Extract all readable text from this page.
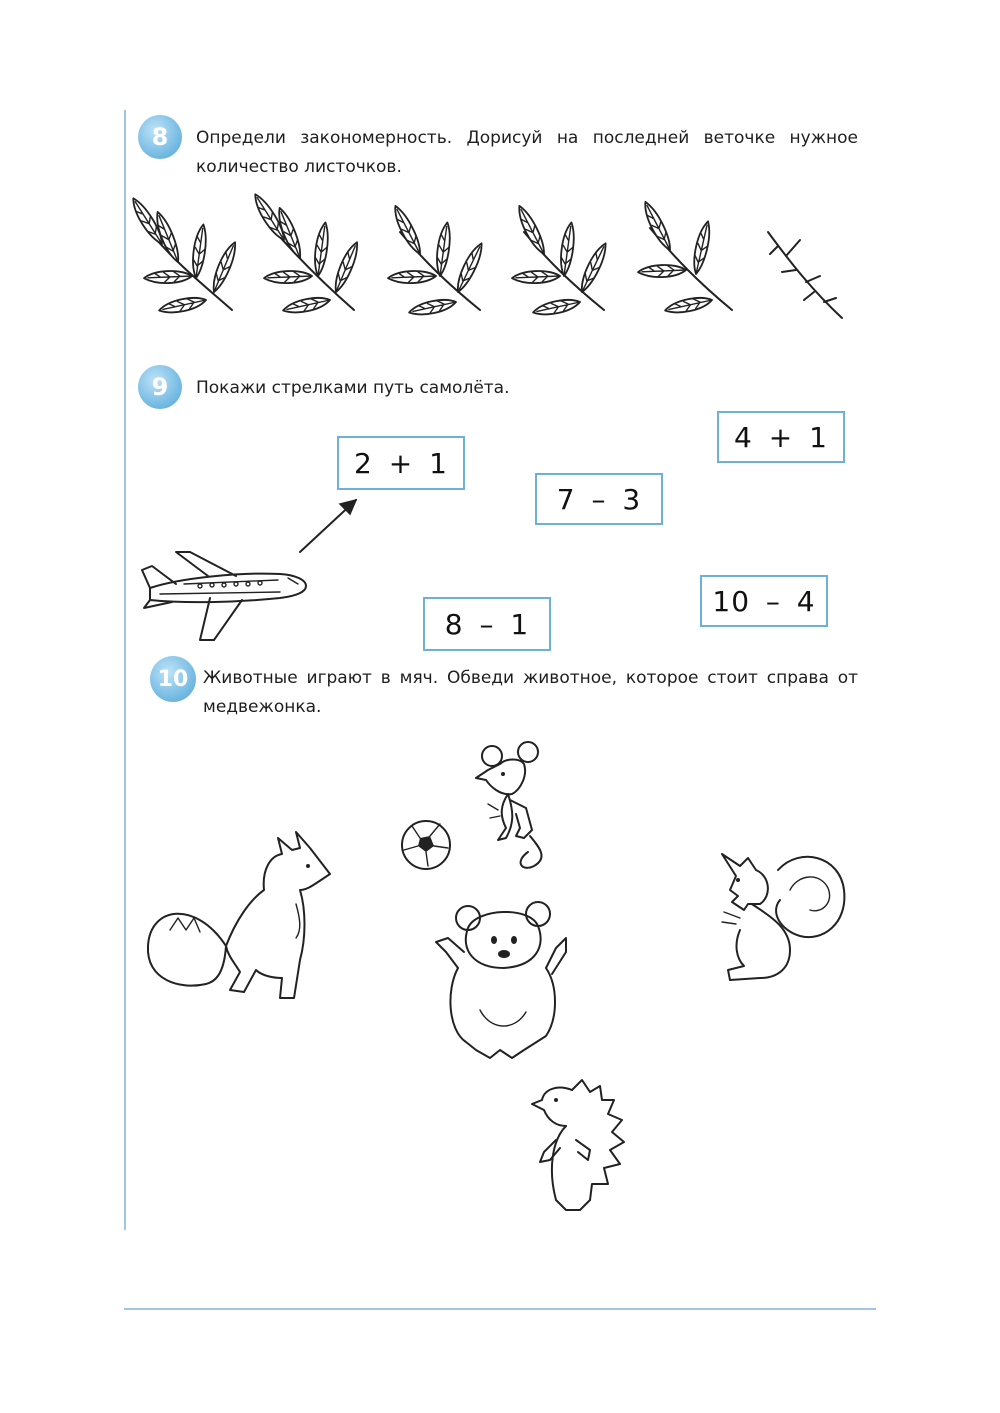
8 Определи закономерность. Дорисуй на последней веточке нужное количество листочков.
9 Покажи стрелками путь самолёта.
2 + 1
4 + 1
7 – 3
10 – 4
8 – 1
10 Животные играют в мяч. Обведи животное, которое стоит справа от медвежонка.
